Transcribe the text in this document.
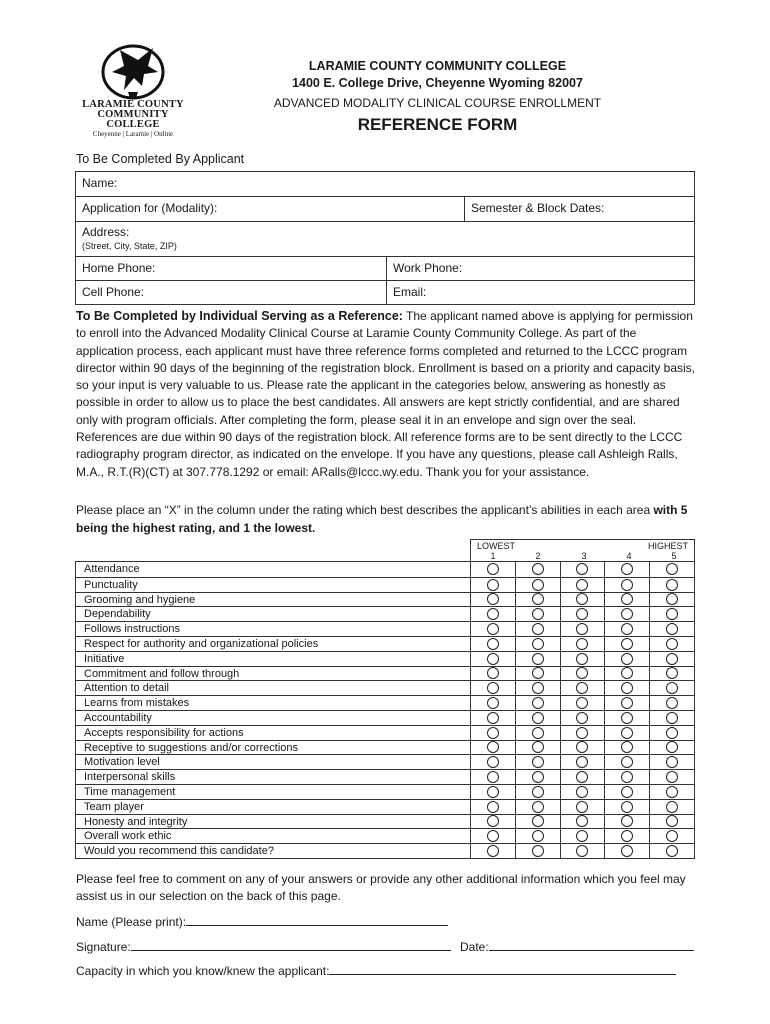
LARAMIE COUNTY
COMMUNITY COLLEGE
Cheyenne | Laramie | Online
LARAMIE COUNTY COMMUNITY COLLEGE
1400 E. College Drive, Cheyenne Wyoming 82007
ADVANCED MODALITY CLINICAL COURSE ENROLLMENT
REFERENCE FORM
To Be Completed By Applicant
Name:
Application for (Modality):	Semester & Block Dates:
Address:
(Street, City, State, ZIP)
Home Phone:	Work Phone:
Cell Phone:	Email:
To Be Completed by Individual Serving as a Reference: The applicant named above is applying for permission to enroll into the Advanced Modality Clinical Course at Laramie County Community College. As part of the application process, each applicant must have three reference forms completed and returned to the LCCC program director within 90 days of the beginning of the registration block. Enrollment is based on a priority and capacity basis, so your input is very valuable to us. Please rate the applicant in the categories below, answering as honestly as possible in order to allow us to place the best candidates. All answers are kept strictly confidential, and are shared only with program officials. After completing the form, please seal it in an envelope and sign over the seal. References are due within 90 days of the registration block. All reference forms are to be sent directly to the LCCC radiography program director, as indicated on the envelope. If you have any questions, please call Ashleigh Ralls, M.A., R.T.(R)(CT) at 307.778.1292 or email: ARalls@lccc.wy.edu. Thank you for your assistance.
Please place an “X” in the column under the rating which best describes the applicant’s abilities in each area with 5 being the highest rating, and 1 the lowest.
LOWEST	HIGHEST
1	2	3	4	5
Attendance
Punctuality
Grooming and hygiene
Dependability
Follows instructions
Respect for authority and organizational policies
Initiative
Commitment and follow through
Attention to detail
Learns from mistakes
Accountability
Accepts responsibility for actions
Receptive to suggestions and/or corrections
Motivation level
Interpersonal skills
Time management
Team player
Honesty and integrity
Overall work ethic
Would you recommend this candidate?
Please feel free to comment on any of your answers or provide any other additional information which you feel may assist us in our selection on the back of this page.
Name (Please print):
Signature:	Date:
Capacity in which you know/knew the applicant:
